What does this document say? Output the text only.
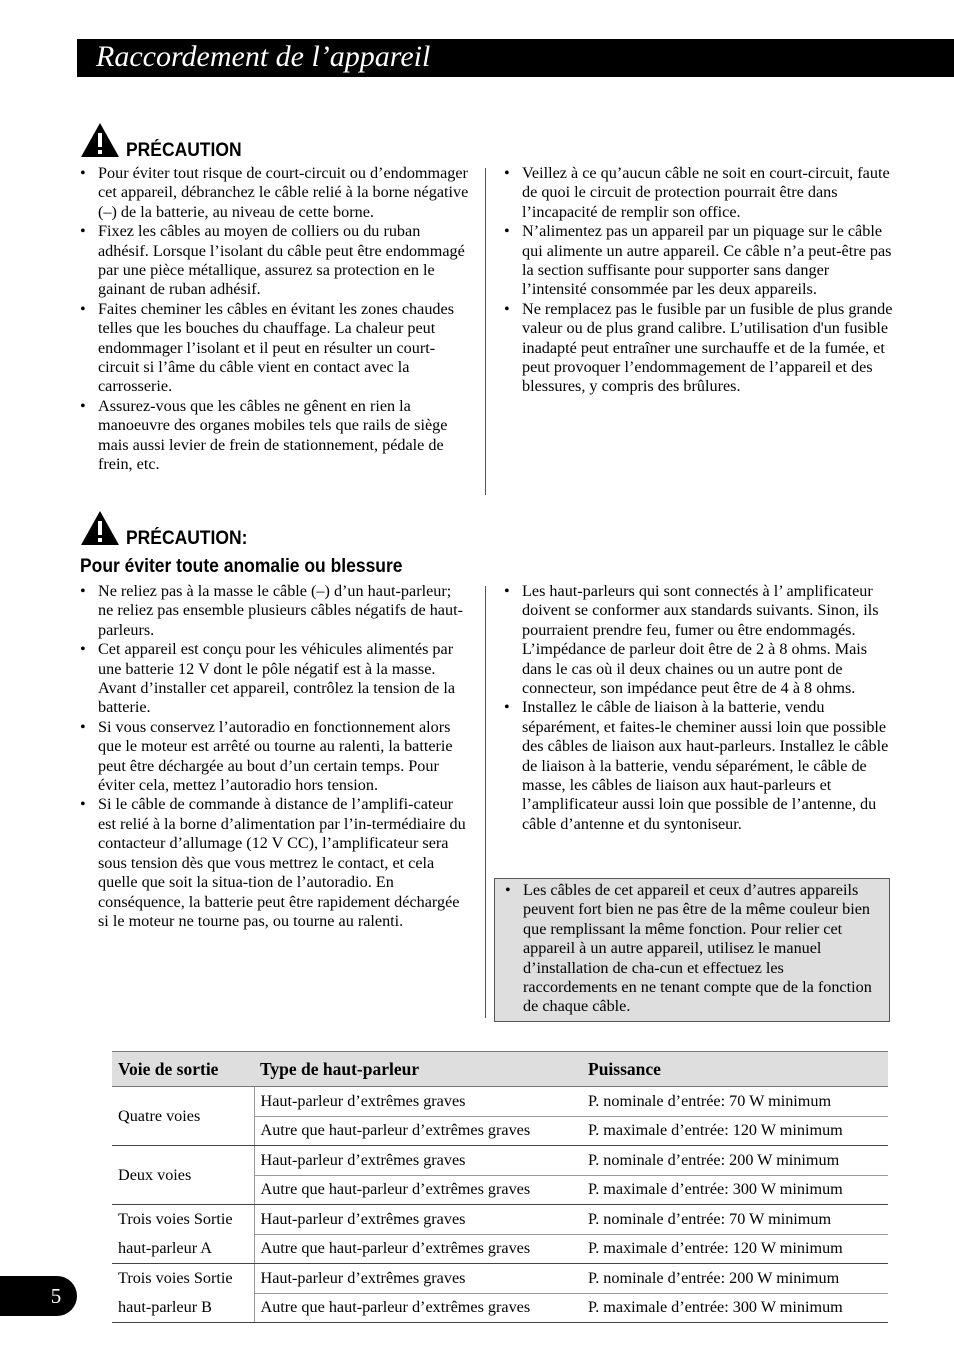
Raccordement de l’appareil
PRÉCAUTION
• Pour éviter tout risque de court-circuit ou d’endommager cet appareil, débranchez le câble relié à la borne négative (–) de la batterie, au niveau de cette borne.
• Fixez les câbles au moyen de colliers ou du ruban adhésif. Lorsque l’isolant du câble peut être endommagé par une pièce métallique, assurez sa protection en le gainant de ruban adhésif.
• Faites cheminer les câbles en évitant les zones chaudes telles que les bouches du chauffage. La chaleur peut endommager l’isolant et il peut en résulter un court-circuit si l’âme du câble vient en contact avec la carrosserie.
• Assurez-vous que les câbles ne gênent en rien la manoeuvre des organes mobiles tels que rails de siège mais aussi levier de frein de stationnement, pédale de frein, etc.
• Veillez à ce qu’aucun câble ne soit en court-circuit, faute de quoi le circuit de protection pourrait être dans l’incapacité de remplir son office.
• N’alimentez pas un appareil par un piquage sur le câble qui alimente un autre appareil. Ce câble n’a peut-être pas la section suffisante pour supporter sans danger l’intensité consommée par les deux appareils.
• Ne remplacez pas le fusible par un fusible de plus grande valeur ou de plus grand calibre. L’utilisation d'un fusible inadapté peut entraîner une surchauffe et de la fumée, et peut provoquer l’endommagement de l’appareil et des blessures, y compris des brûlures.
PRÉCAUTION:
Pour éviter toute anomalie ou blessure
• Ne reliez pas à la masse le câble (–) d’un haut-parleur; ne reliez pas ensemble plusieurs câbles négatifs de haut-parleurs.
• Cet appareil est conçu pour les véhicules alimentés par une batterie 12 V dont le pôle négatif est à la masse. Avant d’installer cet appareil, contrôlez la tension de la batterie.
• Si vous conservez l’autoradio en fonctionnement alors que le moteur est arrêté ou tourne au ralenti, la batterie peut être déchargée au bout d’un certain temps. Pour éviter cela, mettez l’autoradio hors tension.
• Si le câble de commande à distance de l’amplifi-cateur est relié à la borne d’alimentation par l’in-termédiaire du contacteur d’allumage (12 V CC), l’amplificateur sera sous tension dès que vous mettrez le contact, et cela quelle que soit la situa-tion de l’autoradio. En conséquence, la batterie peut être rapidement déchargée si le moteur ne tourne pas, ou tourne au ralenti.
• Les haut-parleurs qui sont connectés à l’ amplificateur doivent se conformer aux standards suivants. Sinon, ils pourraient prendre feu, fumer ou être endommagés. L’impédance de parleur doit être de 2 à 8 ohms. Mais dans le cas où il deux chaines ou un autre pont de connecteur, son impédance peut être de 4 à 8 ohms.
• Installez le câble de liaison à la batterie, vendu séparément, et faites-le cheminer aussi loin que possible des câbles de liaison aux haut-parleurs. Installez le câble de liaison à la batterie, vendu séparément, le câble de masse, les câbles de liaison aux haut-parleurs et l’amplificateur aussi loin que possible de l’antenne, du câble d’antenne et du syntoniseur.
• Les câbles de cet appareil et ceux d’autres appareils peuvent fort bien ne pas être de la même couleur bien que remplissant la même fonction. Pour relier cet appareil à un autre appareil, utilisez le manuel d’installation de cha-cun et effectuez les raccordements en ne tenant compte que de la fonction de chaque câble.
Voie de sortie	Type de haut-parleur	Puissance
Quatre voies	Haut-parleur d’extrêmes graves	P. nominale d’entrée: 70 W minimum
	Autre que haut-parleur d’extrêmes graves	P. maximale d’entrée: 120 W minimum
Deux voies	Haut-parleur d’extrêmes graves	P. nominale d’entrée: 200 W minimum
	Autre que haut-parleur d’extrêmes graves	P. maximale d’entrée: 300 W minimum
Trois voies Sortie	Haut-parleur d’extrêmes graves	P. nominale d’entrée: 70 W minimum
haut-parleur A	Autre que haut-parleur d’extrêmes graves	P. maximale d’entrée: 120 W minimum
Trois voies Sortie	Haut-parleur d’extrêmes graves	P. nominale d’entrée: 200 W minimum
haut-parleur B	Autre que haut-parleur d’extrêmes graves	P. maximale d’entrée: 300 W minimum
5
